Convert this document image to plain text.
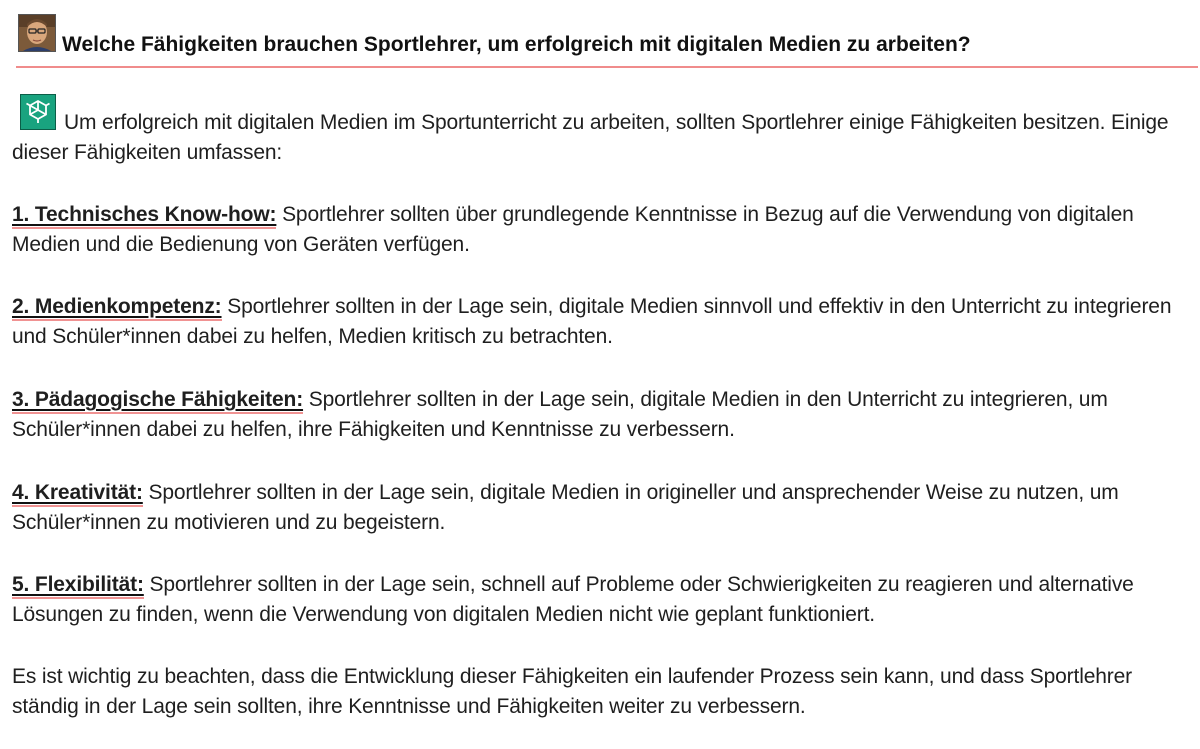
Welche Fähigkeiten brauchen Sportlehrer, um erfolgreich mit digitalen Medien zu arbeiten?
Um erfolgreich mit digitalen Medien im Sportunterricht zu arbeiten, sollten Sportlehrer einige Fähigkeiten besitzen. Einige dieser Fähigkeiten umfassen:
1. Technisches Know-how: Sportlehrer sollten über grundlegende Kenntnisse in Bezug auf die Verwendung von digitalen Medien und die Bedienung von Geräten verfügen.
2. Medienkompetenz: Sportlehrer sollten in der Lage sein, digitale Medien sinnvoll und effektiv in den Unterricht zu integrieren und Schüler*innen dabei zu helfen, Medien kritisch zu betrachten.
3. Pädagogische Fähigkeiten: Sportlehrer sollten in der Lage sein, digitale Medien in den Unterricht zu integrieren, um Schüler*innen dabei zu helfen, ihre Fähigkeiten und Kenntnisse zu verbessern.
4. Kreativität: Sportlehrer sollten in der Lage sein, digitale Medien in origineller und ansprechender Weise zu nutzen, um Schüler*innen zu motivieren und zu begeistern.
5. Flexibilität: Sportlehrer sollten in der Lage sein, schnell auf Probleme oder Schwierigkeiten zu reagieren und alternative Lösungen zu finden, wenn die Verwendung von digitalen Medien nicht wie geplant funktioniert.
Es ist wichtig zu beachten, dass die Entwicklung dieser Fähigkeiten ein laufender Prozess sein kann, und dass Sportlehrer ständig in der Lage sein sollten, ihre Kenntnisse und Fähigkeiten weiter zu verbessern.
